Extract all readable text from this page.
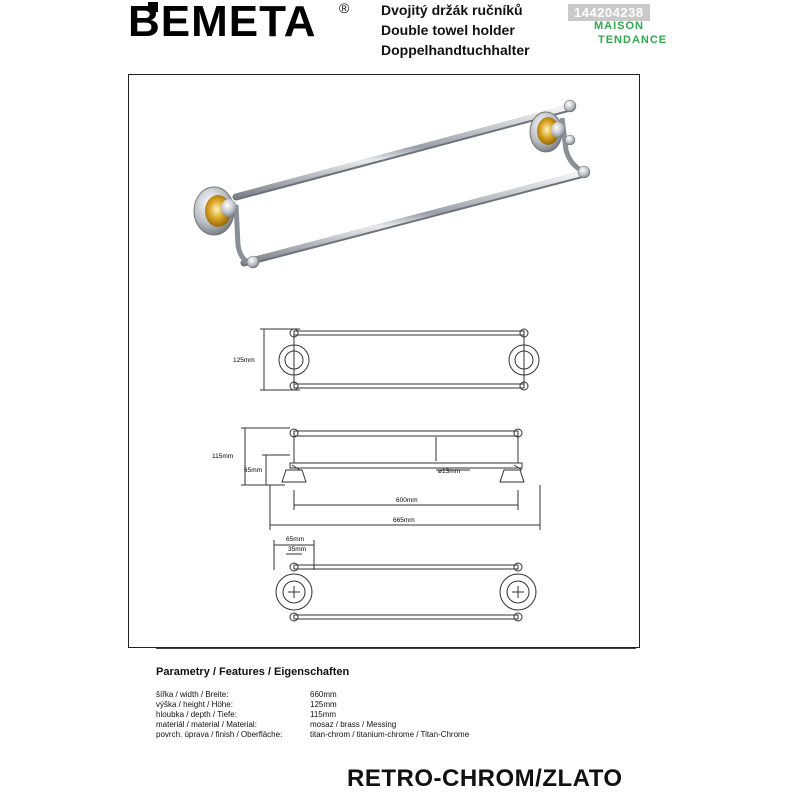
BEMETA ® Dvojitý držák ručníků
Double towel holder
Doppelhandtuchhalter
144204238
MAISON
TENDANCE
125mm
115mm
65mm	ø13mm
600mm
665mm
65mm
35mm
Parametry / Features / Eigenschaften
šířka / width / Breite:	660mm
výška / height / Höhe:	125mm
hloubka / depth / Tiefe:	115mm
materiál / material / Material:	mosaz / brass / Messing
povrch. úprava / finish / Oberfläche:	titan-chrom / titanium-chrome / Titan-Chrome
RETRO-CHROM/ZLATO
